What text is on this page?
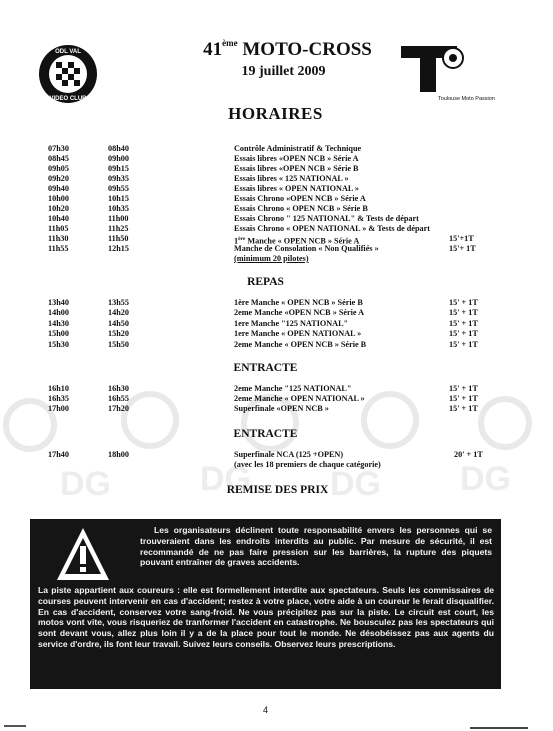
DG	DG DG DG
ODL VAL
VIDEO CLUB	Toulouse Moto Passion
41ème MOTO-CROSS
19 juillet 2009
HORAIRES
07h30	08h40	Contrôle Administratif & Technique
08h45	09h00	Essais libres «OPEN NCB » Série A
09h05	09h15	Essais libres «OPEN NCB » Série B
09h20	09h35	Essais libres « 125 NATIONAL »
09h40	09h55	Essais libres « OPEN NATIONAL »
10h00	10h15	Essais Chrono «OPEN NCB » Série A
10h20	10h35	Essais Chrono « OPEN NCB » Série B
10h40	11h00	Essais Chrono " 125 NATIONAL" & Tests de départ
11h05	11h25	Essais Chrono « OPEN NATIONAL » & Tests de départ
11h30	11h50	1ère Manche « OPEN NCB » Série A	15'+1T
11h55	12h15	Manche de Consolation « Non Qualifiés »	15'+ 1T
(minimum 20 pilotes)
REPAS
13h40	13h55	1ère Manche « OPEN NCB » Série B	15' + 1T
14h00	14h20	2eme Manche «OPEN NCB » Série A	15' + 1T
14h30	14h50	1ere Manche "125 NATIONAL"	15' + 1T
15h00	15h20	1ere Manche « OPEN NATIONAL »	15' + 1T
15h30	15h50	2eme Manche « OPEN NCB » Série B	15' + 1T
ENTRACTE
16h10	16h30	2eme Manche "125 NATIONAL"	15' + 1T
16h35	16h55	2eme Manche « OPEN NATIONAL »	15' + 1T
17h00	17h20	Superfinale «OPEN NCB »	15' + 1T
ENTRACTE
17h40	18h00	Superfinale NCA (125 +OPEN)	20' + 1T
(avec les 18 premiers de chaque catégorie)
REMISE DES PRIX
Les organisateurs déclinent toute responsabilité envers les personnes qui se trouveraient dans les endroits interdits au public. Par mesure de sécurité, il est recommandé de ne pas faire pression sur les barrières, la rupture des piquets pouvant entraîner de graves accidents.
La piste appartient aux coureurs : elle est formellement interdite aux spectateurs. Seuls les commissaires de courses peuvent intervenir en cas d'accident; restez à votre place, votre aide à un coureur le ferait disqualifier. En cas d'accident, conservez votre sang-froid. Ne vous précipitez pas sur la piste. Le circuit est court, les motos vont vite, vous risqueriez de tranformer l'accident en catastrophe. Ne bousculez pas les spectateurs qui sont devant vous, allez plus loin il y a de la place pour tout le monde. Ne désobéissez pas aux agents du service d'ordre, ils font leur travail. Suivez leurs conseils. Observez leurs prescriptions.
4
